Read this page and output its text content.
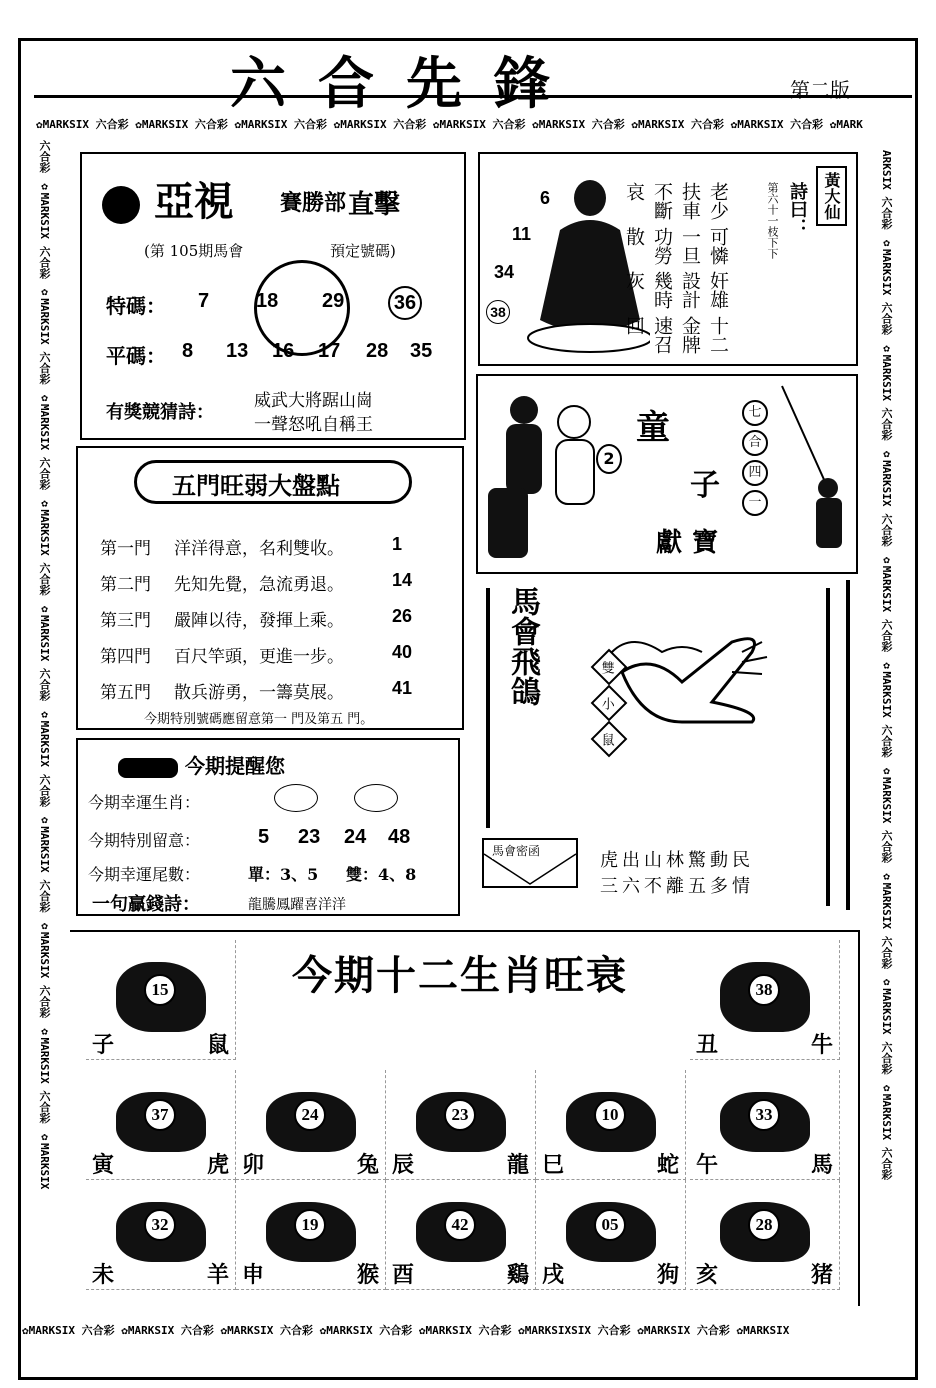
六合先鋒	第二版
✿MARKSIX 六合彩 ✿MARKSIX 六合彩 ✿MARKSIX 六合彩 ✿MARKSIX 六合彩 ✿MARKSIX 六合彩 ✿MARKSIX 六合彩 ✿MARKSIX 六合彩 ✿MARKSIX 六合彩 ✿MARK
✿MARKSIX 六合彩 ✿MARKSIX 六合彩 ✿MARKSIX 六合彩 ✿MARKSIX 六合彩 ✿MARKSIX 六合彩 ✿MARKSIXSIX 六合彩 ✿MARKSIX 六合彩 ✿MARKSIX
六合彩 ✿MARKSIX 六合彩 ✿MARKSIX 六合彩 ✿MARKSIX 六合彩 ✿MARKSIX 六合彩 ✿MARKSIX 六合彩 ✿MARKSIX 六合彩 ✿MARKSIX 六合彩 ✿MARKSIX 六合彩 ✿MARKSIX 六合彩 ✿MARKSIX	ARKSIX 六合彩 ✿MARKSIX 六合彩 ✿MARKSIX 六合彩 ✿MARKSIX 六合彩 ✿MARKSIX 六合彩 ✿MARKSIX 六合彩 ✿MARKSIX 六合彩 ✿MARKSIX 六合彩 ✿MARKSIX 六合彩 ✿MARKSIX 六合彩
亞視 賽勝部 直擊
(第 105期馬會	預定號碼)
特碼： 7 18 29 36
平碼： 8 13 16 17 28 35
有獎競猜詩：
威武大將踞山崗
一聲怒吼自稱王
五門旺弱大盤點
今期特別號碼應留意第一 門及第五 門。
第一門 洋洋得意，名利雙收。	1
第二門 先知先覺，急流勇退。	14
第三門 嚴陣以待，發揮上乘。	26
第四門 百尺竿頭，更進一步。	40
第五門 散兵游勇，一籌莫展。	41
今期提醒您
今期幸運生肖：
今期特別留意：	5 23 24 48
今期幸運尾數：	單：3、5 雙：4、8
一句贏錢詩：	龍騰鳳躍喜洋洋
6
11
34
38
老少扶車不斷哀
可憐一旦功勞散
奸雄設計幾時灰
十二金牌速召回
第六十一枝下下 詩曰： 黃大仙
2
童
子
獻寶
七
合
四
一
馬會飛鴿	雙
小
鼠
馬會密函	虎出山林驚動民
三六不離五多情
今期十二生肖旺衰
15
子	鼠
38
丑	牛
37
寅	虎
24
卯	兔
23
辰	龍
10
巳	蛇
33
午	馬
32
未	羊
19
申	猴
42
酉	鷄
05
戌	狗
28
亥	猪
